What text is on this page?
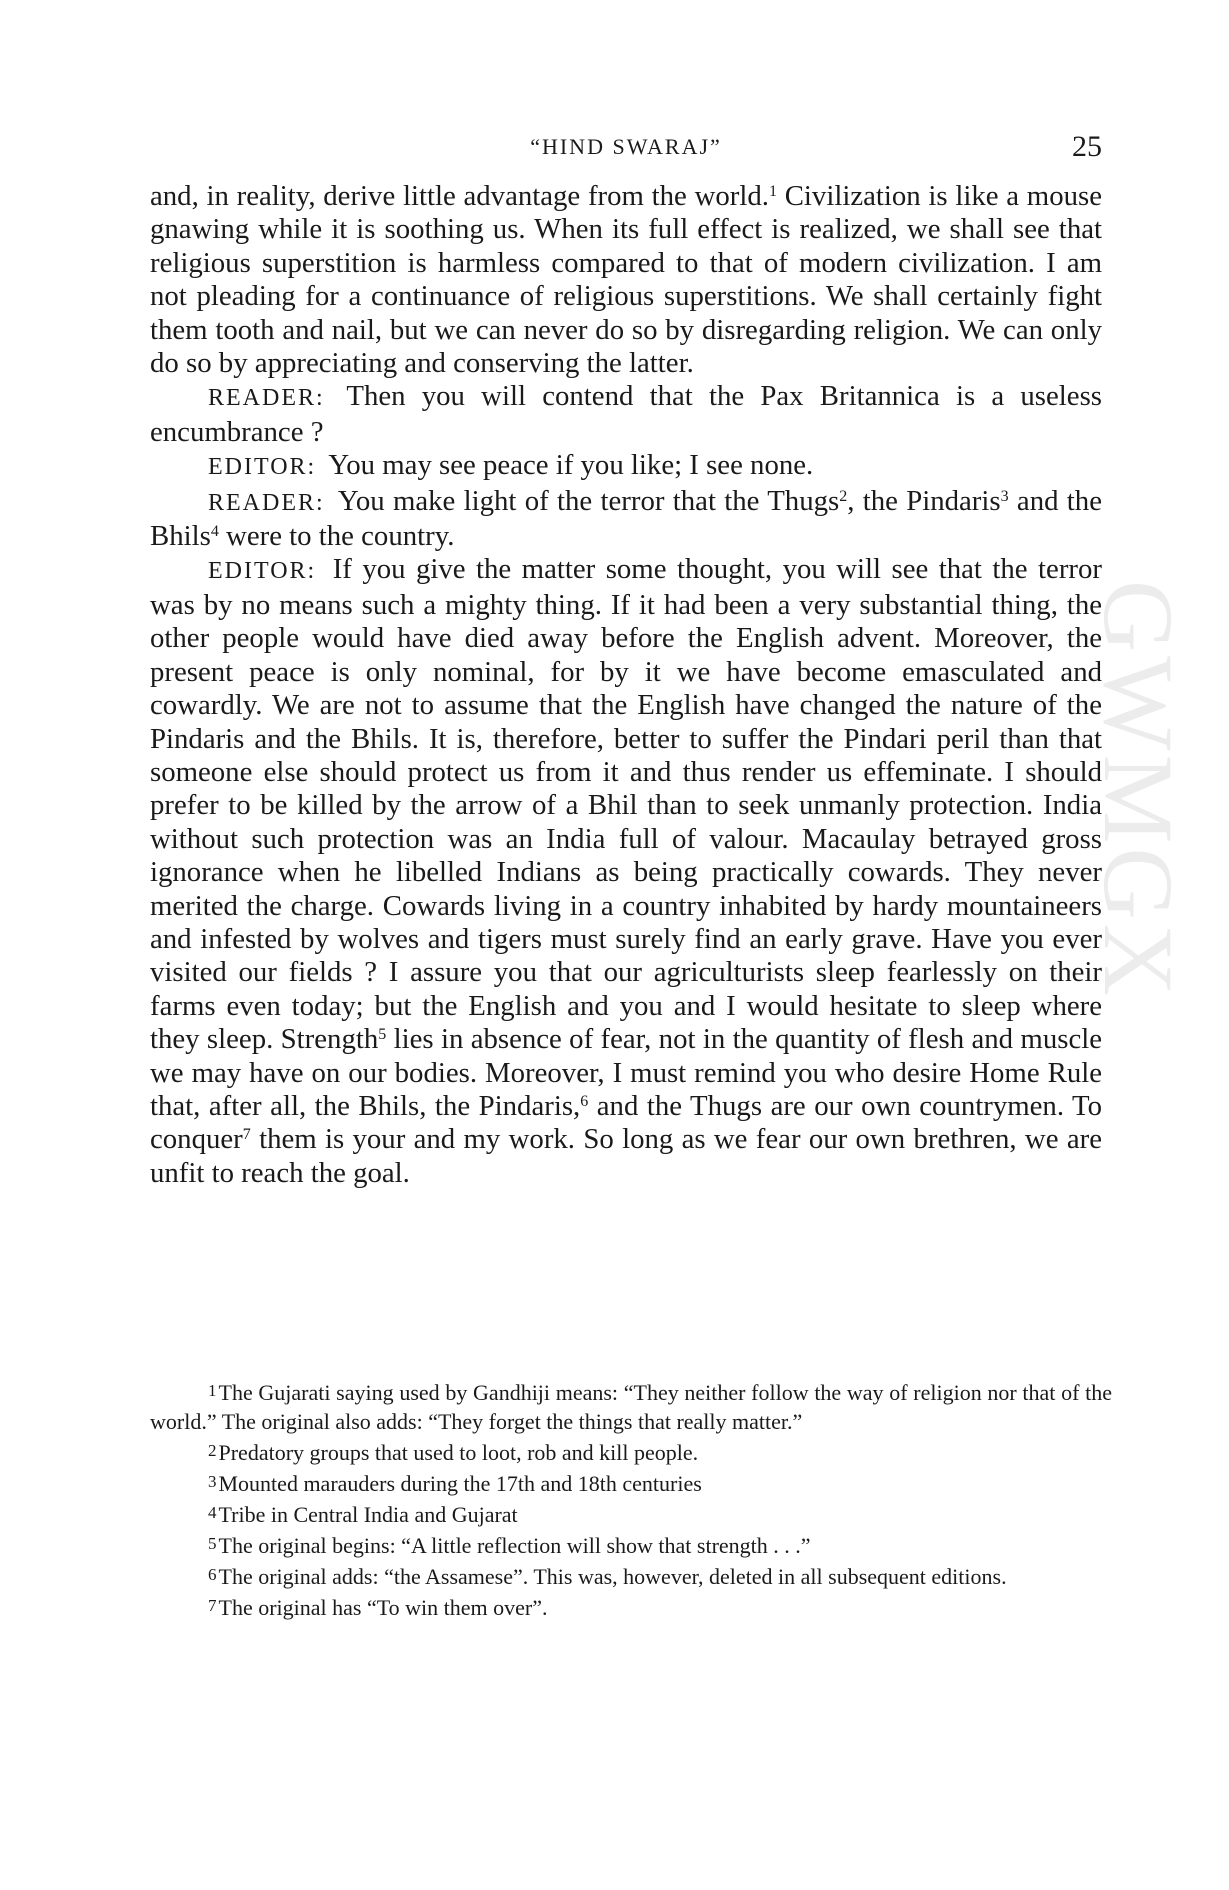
GWMGX
“HIND SWARAJ”	25

and, in reality, derive little advantage from the world.$^1$ Civilization is like a mouse gnawing while it is soothing us. When its full effect is realized, we shall see that religious superstition is harmless compared to that of modern civilization. I am not pleading for a continuance of religious superstitions. We shall certainly fight them tooth and nail, but we can never do so by disregarding religion. We can only do so by appreciating and conserving the latter.

READER: Then you will contend that the Pax Britannica is a useless encumbrance ?

EDITOR: You may see peace if you like; I see none.

READER: You make light of the terror that the Thugs$^2$, the Pindaris$^3$ and the Bhils$^4$ were to the country.

EDITOR: If you give the matter some thought, you will see that the terror was by no means such a mighty thing. If it had been a very substantial thing, the other people would have died away before the English advent. Moreover, the present peace is only nominal, for by it we have become emasculated and cowardly. We are not to assume that the English have changed the nature of the Pindaris and the Bhils. It is, therefore, better to suffer the Pindari peril than that someone else should protect us from it and thus render us effeminate. I should prefer to be killed by the arrow of a Bhil than to seek unmanly protection. India without such protection was an India full of valour. Macaulay betrayed gross ignorance when he libelled Indians as being practically cowards. They never merited the charge. Cowards living in a country inhabited by hardy mountaineers and infested by wolves and tigers must surely find an early grave. Have you ever visited our fields ? I assure you that our agriculturists sleep fearlessly on their farms even today; but the English and you and I would hesitate to sleep where they sleep. Strength$^5$ lies in absence of fear, not in the quantity of flesh and muscle we may have on our bodies. Moreover, I must remind you who desire Home Rule that, after all, the Bhils, the Pindaris,$^6$ and the Thugs are our own countrymen. To conquer$^7$ them is your and my work. So long as we fear our own brethren, we are unfit to reach the goal.

1The Gujarati saying used by Gandhiji means: “They neither follow the way of religion nor that of the world.” The original also adds: “They forget the things that really matter.”

2Predatory groups that used to loot, rob and kill people.

3Mounted marauders during the 17th and 18th centuries

4Tribe in Central India and Gujarat

5The original begins: “A little reflection will show that strength . . .”

6The original adds: “the Assamese”. This was, however, deleted in all subsequent editions.

7The original has “To win them over”.
